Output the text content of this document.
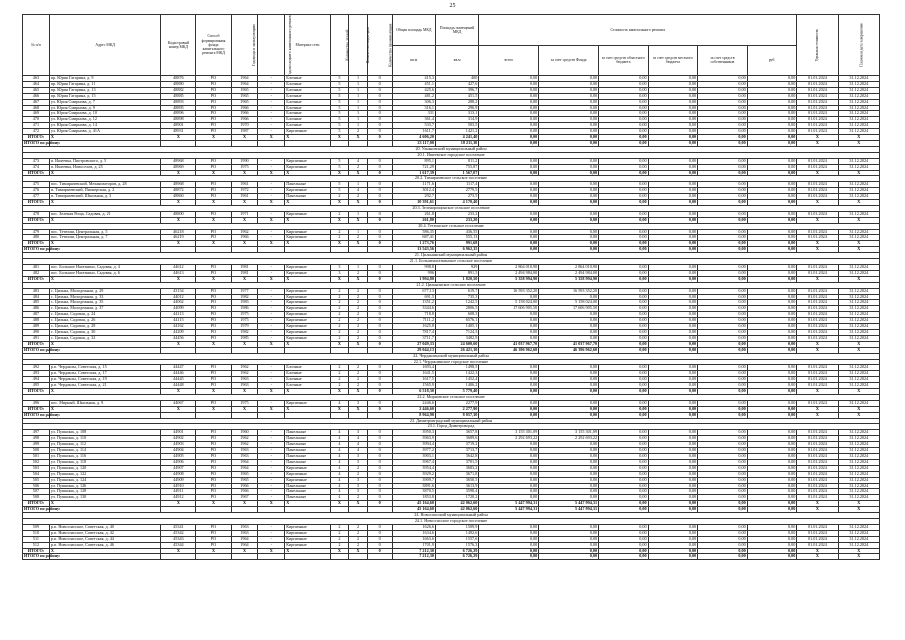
25
№ п/п	Адрес МКД	Кадастровый номер МКД	Способ формирования фонда капитального ремонта МКД	Год ввода в эксплуатацию	Год последнего капитального ремонта	Материал стен	Количество этажей	Количество подъездов	Количество проживающих	Общая площадь МКД	Площадь помещений МКД	Стоимость капитального ремонта						Удельная стоимость	Плановая дата завершения
										кв.м	кв.м	всего	за счет средств Фонда	за счет средств областного бюджета	за счет средств местного бюджета	за счет средств собственников	руб.		
463	пр. Юрия Гагарина, д. 9	48876	РО	1964	-	Блочные	5	1	0	415,3	400	0,00	0,00	0,00	0,00	0,00	0,00	01.01.2024	31.12.2024
464	пр. Юрия Гагарина, д. 11	48880	РО	1964	-	Блочные	5	1	0	451,1	427,6	0,00	0,00	0,00	0,00	0,00	0,00	01.01.2024	31.12.2024
465	пр. Юрия Гагарина, д. 13	48882	РО	1965	-	Блочные	5	1	0	425,6	396,7	0,00	0,00	0,00	0,00	0,00	0,00	01.01.2024	31.12.2024
466	пр. Юрия Гагарина, д. 15	48885	РО	1965	-	Блочные	5	1	0	481,2	451,5	0,00	0,00	0,00	0,00	0,00	0,00	01.01.2024	31.12.2024
467	ул. Юрия Смирнова, д. 7	48893	РО	1965	-	Блочные	5	1	0	306,3	288,2	0,00	0,00	0,00	0,00	0,00	0,00	01.01.2024	31.12.2024
468	ул. Юрия Смирнова, д. 9	48895	РО	1966	-	Блочные	5	1	0	316,1	296,9	0,00	0,00	0,00	0,00	0,00	0,00	01.01.2024	31.12.2024
469	ул. Юрия Смирнова, д. 10	48896	РО	1966	-	Блочные	5	1	0	331	313,1	0,00	0,00	0,00	0,00	0,00	0,00	01.01.2024	31.12.2024
470	ул. Юрия Смирнова, д. 12	48898	РО	1966	-	Блочные	5	1	0	361,4	314,9	0,00	0,00	0,00	0,00	0,00	0,00	01.01.2024	31.12.2024
471	ул. Юрия Смирнова, д. 14	48901	РО	1970	-	Блочные	5	1	0	533,7	503,5	0,00	0,00	0,00	0,00	0,00	0,00	01.01.2024	31.12.2024
472	ул. Юрия Смирнова, д. 41А	48931	РО	1987	-	Кирпичные	5	2	0	1611,7	1421,2	0,00	0,00	0,00	0,00	0,00	0,00	01.01.2024	31.12.2024
ИТОГО:	X	X	X	X	X	X	X	X	0	4 606,20	4 241,40	0,00	0,00	0,00	0,00	0,00	0,00	X	X
ИТОГО по району:										23 117,00	18 211,30	0,00	0,00	0,00	0,00	0,00	0,00	X	X
20. Ульяновский муниципальный район																			
20.1. Ишеевское городское поселение																			
473	п. Ишеевка, Пиотровского, д. 5	48968	РО	1990	-	Кирпичные	5	4	0	895,1	811,2	0,00	0,00	0,00	0,00	0,00	0,00	01.01.2024	31.12.2024
474	п. Ишеевка, Новоселов, д. 25	48969	РО	1975	-	Кирпичные	5	2	0	721,29	755,87	0,00	0,00	0,00	0,00	0,00	0,00	01.01.2024	31.12.2024
ИТОГО:	X	X	X	X	X	X	X	X	0	1 617,39	1 567,07	0,00	0,00	0,00	0,00	0,00	0,00	X	X
20.2. Тимирязевское сельское поселение																			
475	пос. Тимирязевский, Механизаторов, д. 28	48968	РО	1961	-	Панельные	5	1	0	1171,6	1117,4	0,00	0,00	0,00	0,00	0,00	0,00	01.01.2024	31.12.2024
476	п. Тимирязевский, Пионерская, д. 2	48872	РО	1972	-	Кирпичные	5	4	0	3012,4	2779,5	0,00	0,00	0,00	0,00	0,00	0,00	01.01.2024	31.12.2024
477	п. Тимирязевский, Школьная, д. 3	48860	РО	1961	-	Панельные	2	2	0	292,7	273,5	0,00	0,00	0,00	0,00	0,00	0,00	01.01.2024	31.12.2024
ИТОГО:	X	X	X	X	X	X	X	X	0	10 391,61	4 170,40	0,00	0,00	0,00	0,00	0,00	0,00	X	X
20.3. Зеленорощинское сельское поселение																			
478	пос. Зеленая Роща, Садовая, д. 21	48800	РО	1971	-	Кирпичные	2	1	0	261,8	233,2	0,00	0,00	0,00	0,00	0,00	0,00	01.01.2024	31.12.2024
ИТОГО:	X	X	X	X	X	X	X	X	0	261,80	233,20	0,00	0,00	0,00	0,00	0,00	0,00	X	X
20.4. Тетюшское сельское поселение																			
479	пос. Тетюши, Центральная, д. 5	46218	РО	1962	-	Кирпичные	2	1	0	586,35	436,55	0,00	0,00	0,00	0,00	0,00	0,00	01.01.2024	31.12.2024
480	пос. Тетюши, Центральная, д. 7	46219	РО	1966	-	Кирпичные	2	2	0	687,41	555,13	0,00	0,00	0,00	0,00	0,00	0,00	01.01.2024	31.12.2024
ИТОГО:	X	X	X	X	X	X	X	X	0	1 273,76	991,68	0,00	0,00	0,00	0,00	0,00	0,00	X	X
ИТОГО по району:										13 543,56	6 962,35	0,00	0,00	0,00	0,00	0,00	0,00	X	X
21. Цильнинский муниципальный район																			
21.1. Большенагаткинское сельское поселение																			
481	пос. Большое Нагаткино, Садовая, д. 4	44612	РО	1981	-	Кирпичные	3	1	0	998,8	929	2 864 010,90	2 864 010,90	0,00	0,00	0,00	0,00	01.01.2024	31.12.2024
482	пос. Большое Нагаткино, Садовая, д. 6	44613	РО	1981	-	Кирпичные	3	2	0	996	891,5	2 494 984,00	2 494 984,00	0,00	0,00	0,00	0,00	01.01.2024	31.12.2024
ИТОГО:	X	X	X	X	X	X	X	X	0	1 994,80	1 820,50	5 358 994,90	5 358 994,90	0,00	0,00	0,00	0,00	X	X
21.2. Цильнинское сельское поселение																			
483	с. Цильна, Молодежная, д. 29	43154	РО	1977	-	Кирпичные	2	2	0	677,13	619,7	16 593 352,20	16 593 352,20	0,00	0,00	0,00	0,00	01.01.2024	31.12.2024
484	с. Цильна, Молодежная, д. 33	44012	РО	1982	-	Кирпичные	2	2	0	691,5	735,3	0,00	0,00	0,00	0,00	0,00	0,00	01.01.2024	31.12.2024
485	с. Цильна, Молодежная, д. 35	44062	РО	1983	-	Кирпичные	2	2	0	1351,2	1242,5	5 158 024,00	5 158 024,00	0,00	0,00	0,00	0,00	01.01.2024	31.12.2024
486	с. Цильна, Молодежная, д. 37	44099	РО	1986	-	Кирпичные	2	2	0	3344,6	2806,5	17 606 905,50	17 606 905,50	0,00	0,00	0,00	0,00	01.01.2024	31.12.2024
487	с. Цильна, Садовая, д. 24	44113	РО	1975	-	Кирпичные	2	2	0	718,8	608,3	0,00	0,00	0,00	0,00	0,00	0,00	01.01.2024	31.12.2024
488	с. Цильна, Садовая, д. 26	44115	РО	1975	-	Кирпичные	2	2	0	7111,2	6576,1	0,00	0,00	0,00	0,00	0,00	0,00	01.01.2024	31.12.2024
489	с. Цильна, Садовая, д. 28	44162	РО	1979	-	Кирпичные	2	2	0	1625,8	1405,1	0,00	0,00	0,00	0,00	0,00	0,00	01.01.2024	31.12.2024
490	с. Цильна, Садовая, д. 30	44209	РО	1982	-	Кирпичные	2	2	0	7817,4	7124,3	0,00	0,00	0,00	0,00	0,00	0,00	01.01.2024	31.12.2024
491	с. Цильна, Садовая, д. 32	44456	РО	1985	-	Кирпичные	2	2	0	3711,7	3482,9	0,00	0,00	0,00	0,00	0,00	0,00	01.01.2024	31.12.2024
ИТОГО:	X	X	X	X	X	X	X	X	0	27 049,33	24 600,60	41 037 967,70	41 037 967,70	0,00	0,00	0,00	0,00	X	X
ИТОГО по району:										29 044,13	26 421,10	46 396 962,60	46 396 962,60	0,00	0,00	0,00	0,00	X	X
22. Чердаклинский муниципальный район																			
22.1. Чердаклинское городское поселение																			
492	р.п. Чердаклы, Советская, д. 15	44447	РО	1962	-	Блочные	2	2	0	1693,4	1498,5	0,00	0,00	0,00	0,00	0,00	0,00	01.01.2024	31.12.2024
493	р.п. Чердаклы, Советская, д. 17	44446	РО	1962	-	Блочные	2	2	0	1641,5	1422,3	0,00	0,00	0,00	0,00	0,00	0,00	01.01.2024	31.12.2024
494	р.п. Чердаклы, Советская, д. 19	44445	РО	1963	-	Блочные	2	2	0	1617,5	1452,4	0,00	0,00	0,00	0,00	0,00	0,00	01.01.2024	31.12.2024
495	р.п. Чердаклы, Советская, д. 21	44448	РО	1963	-	Блочные	2	2	0	1565,9	1406,2	0,00	0,00	0,00	0,00	0,00	0,00	01.01.2024	31.12.2024
ИТОГО:	X	X	X	X	X	X	X	X	0	6 518,30	5 779,40	0,00	0,00	0,00	0,00	0,00	0,00	X	X
22.2. Мирновское сельское поселение																			
496	пос. Мирный, Школьная, д. 9	44067	РО	1975	-	Кирпичные	4	3	0	2446,6	2277,9	0,00	0,00	0,00	0,00	0,00	0,00	01.01.2024	31.12.2024
ИТОГО:	X	X	X	X	X	X	X	X	0	2 446,60	2 277,90	0,00	0,00	0,00	0,00	0,00	0,00	X	X
ИТОГО по району:										8 964,90	8 057,30	0,00	0,00	0,00	0,00	0,00	0,00	X	X
23. Димитровградский муниципальный район																			
23.1. Город Димитровград																			
497	ул. Пушкина, д. 108	44901	РО	1960	-	Панельные	4	3	0	3950,3	3657,8	3 155 301,09	3 155 301,09	0,00	0,00	0,00	0,00	01.01.2024	31.12.2024
498	ул. Пушкина, д. 110	44902	РО	1962	-	Панельные	4	4	0	3963,9	3689,6	2 292 693,22	2 292 693,22	0,00	0,00	0,00	0,00	01.01.2024	31.12.2024
499	ул. Пушкина, д. 112	44903	РО	1962	-	Панельные	4	4	0	3994,4	3719,2	0,00	0,00	0,00	0,00	0,00	0,00	01.01.2024	31.12.2024
500	ул. Пушкина, д. 114	44904	РО	1963	-	Панельные	4	4	0	3977,2	3713,7	0,00	0,00	0,00	0,00	0,00	0,00	01.01.2024	31.12.2024
501	ул. Пушкина, д. 116	44905	РО	1963	-	Панельные	4	3	0	3903,1	3642,8	0,00	0,00	0,00	0,00	0,00	0,00	01.01.2024	31.12.2024
502	ул. Пушкина, д. 118	44906	РО	1964	-	Панельные	4	3	0	3967,4	3701,5	0,00	0,00	0,00	0,00	0,00	0,00	01.01.2024	31.12.2024
503	ул. Пушкина, д. 120	44907	РО	1964	-	Кирпичные	4	2	0	3954,4	3683,2	0,00	0,00	0,00	0,00	0,00	0,00	01.01.2024	31.12.2024
504	ул. Пушкина, д. 122	44908	РО	1965	-	Кирпичные	4	2	0	3929,2	3671,8	0,00	0,00	0,00	0,00	0,00	0,00	01.01.2024	31.12.2024
505	ул. Пушкина, д. 124	44909	РО	1965	-	Кирпичные	4	3	0	3909,7	3650,5	0,00	0,00	0,00	0,00	0,00	0,00	01.01.2024	31.12.2024
506	ул. Пушкина, д. 126	44910	РО	1966	-	Панельные	4	3	0	3891,6	3613,9	0,00	0,00	0,00	0,00	0,00	0,00	01.01.2024	31.12.2024
507	ул. Пушкина, д. 128	44911	РО	1966	-	Панельные	4	3	0	3870,5	3598,4	0,00	0,00	0,00	0,00	0,00	0,00	01.01.2024	31.12.2024
508	ул. Пушкина, д. 130	44912	РО	1967	-	Панельные	4	2	0	1853,8	1720,2	0,00	0,00	0,00	0,00	0,00	0,00	01.01.2024	31.12.2024
ИТОГО:	X	X	X	X	X	X	X	X	0	45 164,60	42 062,60	5 447 994,31	5 447 994,31	0,00	0,00	0,00	0,00	X	X
ИТОГО по району:										45 164,60	42 062,60	5 447 994,31	5 447 994,31	0,00	0,00	0,00	0,00	X	X
24. Новоспасский муниципальный район																			
24.1. Новоспасское городское поселение																			
509	р.п. Новоспасское, Советская, д. 40	45341	РО	1963	-	Кирпичные	2	2	0	1626,6	1509,9	0,00	0,00	0,00	0,00	0,00	0,00	01.01.2024	31.12.2024
510	р.п. Новоспасское, Советская, д. 42	45342	РО	1963	-	Кирпичные	2	2	0	1634,6	1492,6	0,00	0,00	0,00	0,00	0,00	0,00	01.01.2024	31.12.2024
511	р.п. Новоспасское, Советская, д. 44	45343	РО	1964	-	Кирпичные	2	2	0	1663,6	1557,6	0,00	0,00	0,00	0,00	0,00	0,00	01.01.2024	31.12.2024
512	р.п. Новоспасское, Советская, д. 46	45344	РО	1964	-	Кирпичные	2	2	0	1701,9	1576,3	0,00	0,00	0,00	0,00	0,00	0,00	01.01.2024	31.12.2024
ИТОГО:	X	X	X	X	X	X	X	X	0	7 212,30	6 726,29	0,00	0,00	0,00	0,00	0,00	0,00	X	X
ИТОГО по району:										7 212,30	6 726,29	0,00	0,00	0,00	0,00	0,00	0,00	X	X
